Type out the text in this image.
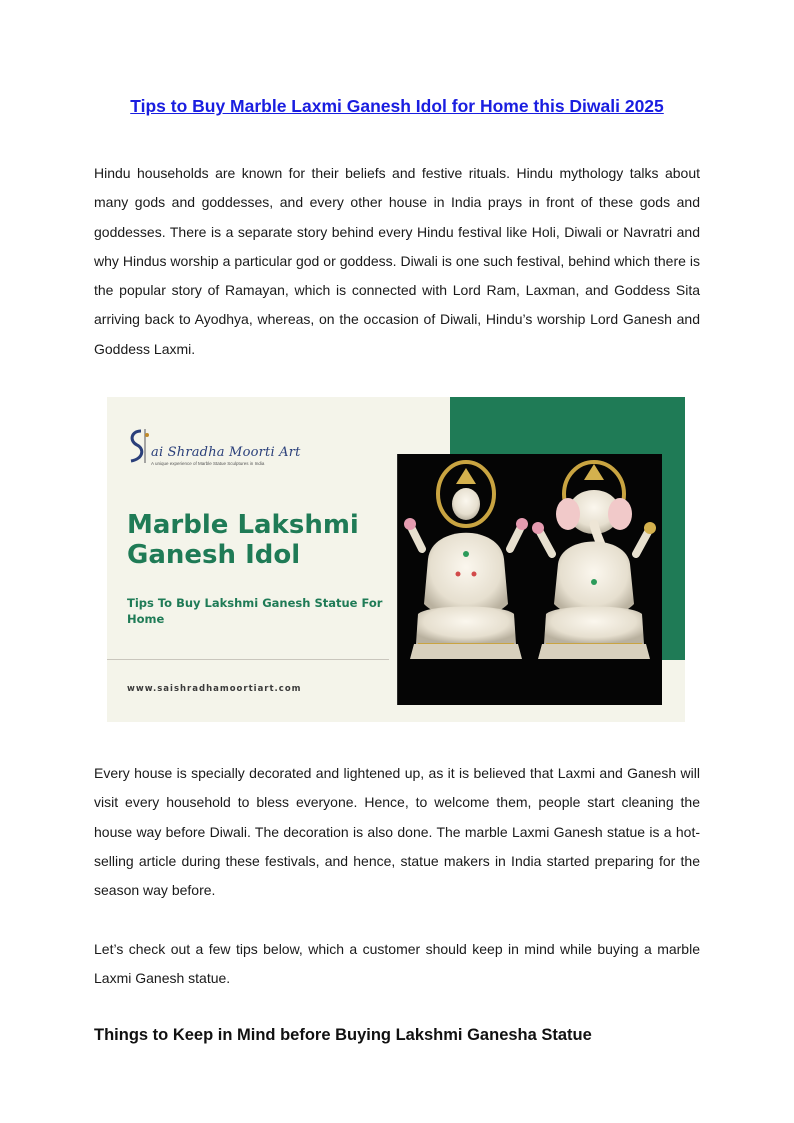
Tips to Buy Marble Laxmi Ganesh Idol for Home this Diwali 2025

Hindu households are known for their beliefs and festive rituals. Hindu mythology talks about many gods and goddesses, and every other house in India prays in front of these gods and goddesses. There is a separate story behind every Hindu festival like Holi, Diwali or Navratri and why Hindus worship a particular god or goddess. Diwali is one such festival, behind which there is the popular story of Ramayan, which is connected with Lord Ram, Laxman, and Goddess Sita arriving back to Ayodhya, whereas, on the occasion of Diwali, Hindu’s worship Lord Ganesh and Goddess Laxmi.

ai Shradha Moorti Art
A unique experience of Marble Statue Sculptures in India
Marble Lakshmi Ganesh Idol
Tips To Buy Lakshmi Ganesh Statue For Home
www.saishradhamoortiart.com

Every house is specially decorated and lightened up, as it is believed that Laxmi and Ganesh will visit every household to bless everyone. Hence, to welcome them, people start cleaning the house way before Diwali. The decoration is also done. The marble Laxmi Ganesh statue is a hot-selling article during these festivals, and hence, statue makers in India started preparing for the season way before.

Let’s check out a few tips below, which a customer should keep in mind while buying a marble Laxmi Ganesh statue.

Things to Keep in Mind before Buying Lakshmi Ganesha Statue
